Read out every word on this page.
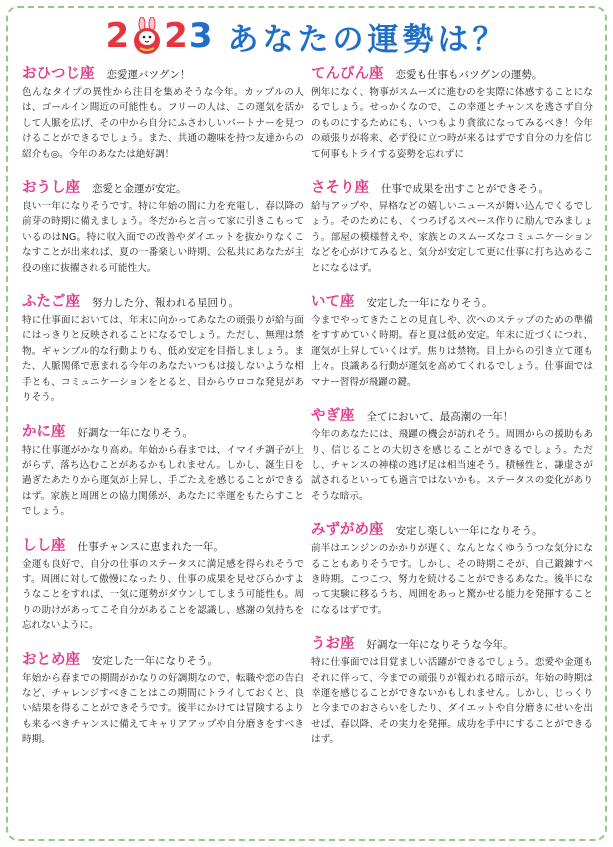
2 2 3 あなたの運勢は？
おひつじ座 恋愛運バツグン！
色んなタイプの異性から注目を集めそうな今年。カップルの人は、ゴールイン間近の可能性も。フリーの人は、この運気を活かして人脈を広げ、その中から自分にふさわしいパートナーを見つけることができるでしょう。また、共通の趣味を持つ友達からの紹介も◎。今年のあなたは絶好調！
おうし座 恋愛と金運が安定。
良い一年になりそうです。特に年始の間に力を充電し、春以降の前芽の時期に備えましょう。冬だからと言って家に引きこもっているのはNG。特に収入面での改善やダイエットを抜かりなくこなすことが出来れば、夏の一番楽しい時期、公私共にあなたが主役の座に抜擢される可能性大。
ふたご座 努力した分、報われる星回り。
特に仕事面においては、年末に向かってあなたの頑張りが給与面にはっきりと反映されることになるでしょう。ただし、無理は禁物。ギャンブル的な行動よりも、低め安定を目指しましょう。また、人脈関係で恵まれる今年のあなたいつもは接しないような相手とも、コミュニケーションをとると、目からウロコな発見がありそう。
かに座 好調な一年になりそう。
特に仕事運がかなり高め。年始から春までは、イマイチ調子が上がらず、落ち込むことがあるかもしれません。しかし、誕生日を過ぎたあたりから運気が上昇し、手ごたえを感じることができるはず。家族と周囲との協力関係が、あなたに幸運をもたらすことでしょう。
しし座 仕事チャンスに恵まれた一年。
金運も良好で、自分の仕事のステータスに満足感を得られそうです。周囲に対して傲慢になったり、仕事の成果を見せびらかすようなことをすれば、一気に運勢がダウンしてしまう可能性も。周りの助けがあってこそ自分があることを認識し、感謝の気持ちを忘れないように。
おとめ座 安定した一年になりそう。
年始から春までの期間がかなりの好調期なので、転職や恋の告白など、チャレンジすべきことはこの期間にトライしておくと、良い結果を得ることができそうです。後半にかけては冒険するよりも来るべきチャンスに備えてキャリアアップや自分磨きをすべき時期。
てんびん座 恋愛も仕事もバツグンの運勢。
例年になく、物事がスムーズに進むのを実際に体感することになるでしょう。せっかくなので、この幸運とチャンスを逃さず自分のものにするためにも、いつもより貪欲になってみるべき！今年の頑張りが将来、必ず役に立つ時が来るはずです自分の力を信じて何事もトライする姿勢を忘れずに
さそり座 仕事で成果を出すことができそう。
給与アップや、昇格などの嬉しいニュースが舞い込んでくるでしょう。そのためにも、くつろげるスペース作りに励んでみましょう。部屋の模様替えや、家族とのスムーズなコミュニケーションなどを心がけてみると、気分が安定して更に仕事に打ち込めることになるはず。
いて座 安定した一年になりそう。
今までやってきたことの見直しや、次へのステップのための準備をすすめていく時期。春と夏は低め安定。年末に近づくにつれ、運気が上昇していくはず。焦りは禁物。目上からの引き立て運も上々。良識ある行動が運気を高めてくれるでしょう。仕事面ではマナー習得が飛躍の鍵。
やぎ座 全てにおいて、最高潮の一年！
今年のあなたには、飛躍の機会が訪れそう。周囲からの援助もあり、信じることの大切さを感じることができるでしょう。ただし、チャンスの神様の逃げ足は相当速そう。積極性と、謙虚さが試されるといっても過言ではないかも。ステータスの変化がありそうな暗示。
みずがめ座 安定し楽しい一年になりそう。
前半はエンジンのかかりが遅く、なんとなくゆううつな気分になることもありそうです。しかし、その時期こそが、自己鍛錬すべき時期。こつこつ、努力を続けることができるあなた。後半になって実験に移るうち、周囲をあっと驚かせる能力を発揮することになるはずです。
うお座 好調な一年になりそうな今年。
特に仕事面では目覚ましい活躍ができるでしょう。恋愛や金運もそれに伴って、今までの頑張りが報われる暗示が。年始の時期は幸運を感じることができないかもしれません。しかし、じっくりと今までのおさらいをしたり、ダイエットや自分磨きにせいを出せば、春以降、その実力を発揮。成功を手中にすることができるはず。
